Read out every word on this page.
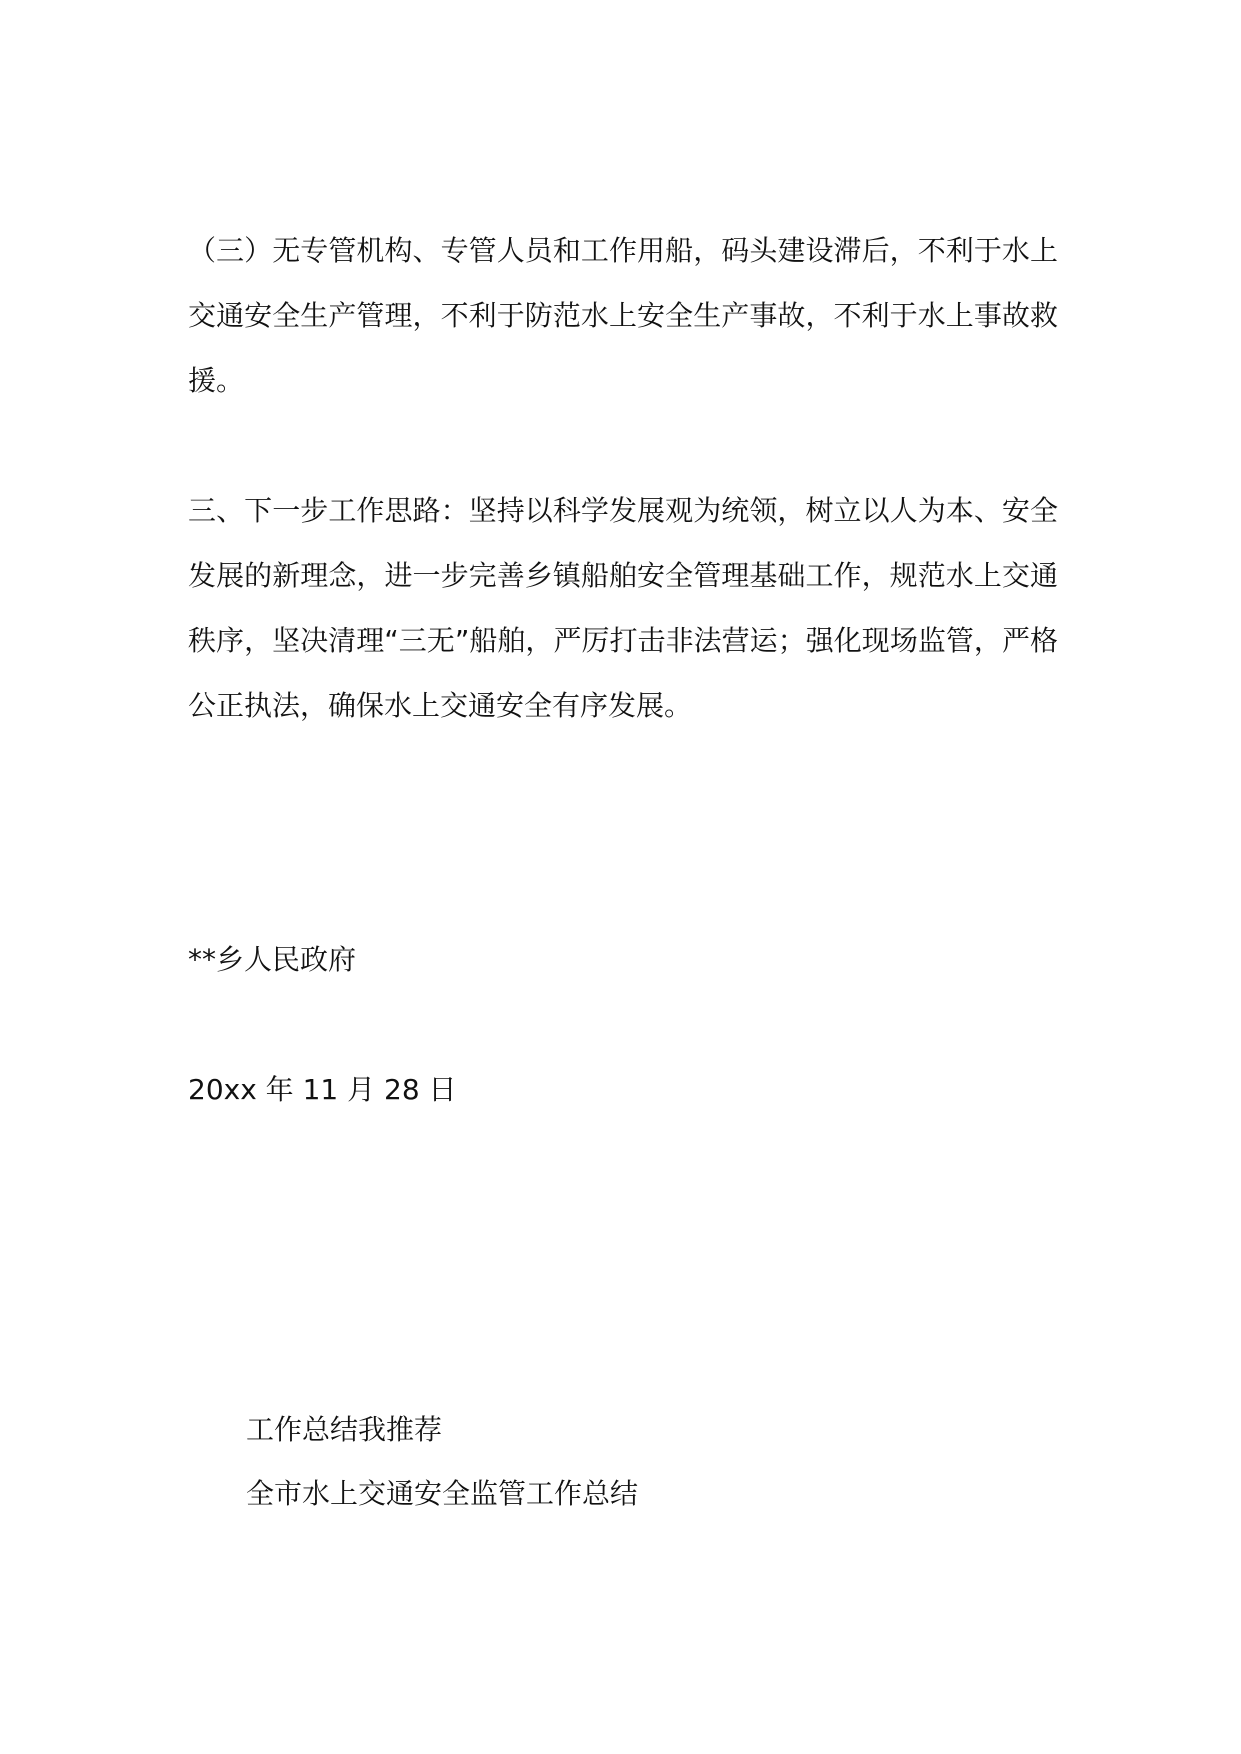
（三）无专管机构、专管人员和工作用船，码头建设滞后，不利于水上交通安全生产管理，不利于防范水上安全生产事故，不利于水上事故救援。

三、下一步工作思路：坚持以科学发展观为统领，树立以人为本、安全发展的新理念，进一步完善乡镇船舶安全管理基础工作，规范水上交通秩序，坚决清理“三无”船舶，严厉打击非法营运；强化现场监管，严格公正执法，确保水上交通安全有序发展。

**乡人民政府

20xx 年 11 月 28 日

工作总结我推荐
全市水上交通安全监管工作总结
